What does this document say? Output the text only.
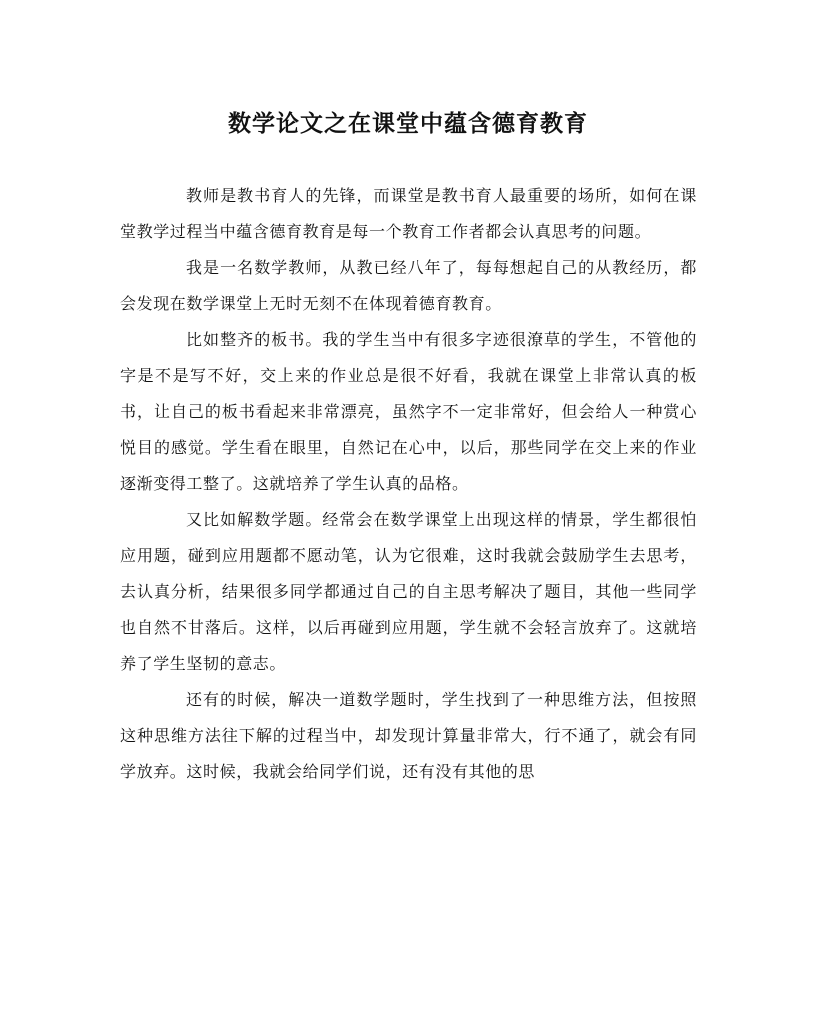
数学论文之在课堂中蕴含德育教育

教师是教书育人的先锋，而课堂是教书育人最重要的场所，如何在课堂教学过程当中蕴含德育教育是每一个教育工作者都会认真思考的问题。

我是一名数学教师，从教已经八年了，每每想起自己的从教经历，都会发现在数学课堂上无时无刻不在体现着德育教育。

比如整齐的板书。我的学生当中有很多字迹很潦草的学生，不管他的字是不是写不好，交上来的作业总是很不好看，我就在课堂上非常认真的板书，让自己的板书看起来非常漂亮，虽然字不一定非常好，但会给人一种赏心悦目的感觉。学生看在眼里，自然记在心中，以后，那些同学在交上来的作业逐渐变得工整了。这就培养了学生认真的品格。

又比如解数学题。经常会在数学课堂上出现这样的情景，学生都很怕应用题，碰到应用题都不愿动笔，认为它很难，这时我就会鼓励学生去思考，去认真分析，结果很多同学都通过自己的自主思考解决了题目，其他一些同学也自然不甘落后。这样，以后再碰到应用题，学生就不会轻言放弃了。这就培养了学生坚韧的意志。

还有的时候，解决一道数学题时，学生找到了一种思维方法，但按照这种思维方法往下解的过程当中，却发现计算量非常大，行不通了，就会有同学放弃。这时候，我就会给同学们说，还有没有其他的思
